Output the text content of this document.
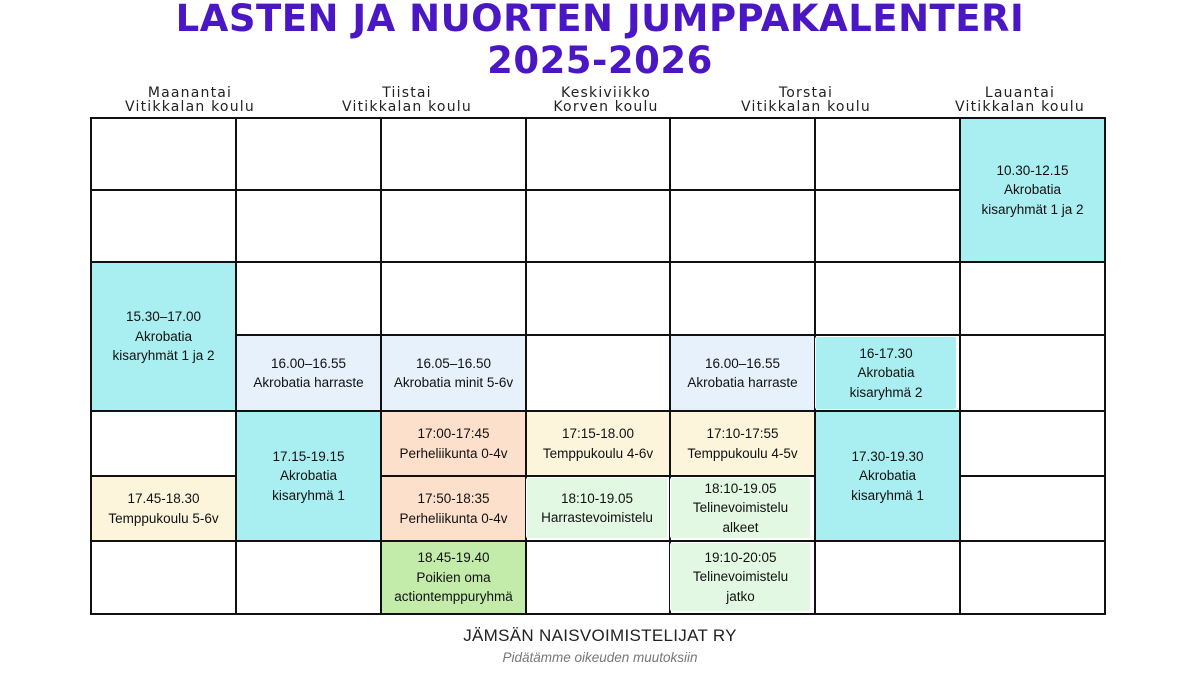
LASTEN JA NUORTEN JUMPPAKALENTERI
2025-2026
Maanantai
Vitikkalan koulu
Tiistai
Vitikkalan koulu
Keskiviikko
Korven koulu
Torstai
Vitikkalan koulu
Lauantai
Vitikkalan koulu
10.30-12.15
Akrobatia
kisaryhmät 1 ja 2
15.30–17.00
Akrobatia
kisaryhmät 1 ja 2	16.00–16.55
Akrobatia harraste
16.05–16.50
Akrobatia minit 5-6v
16.00–16.55
Akrobatia harraste
16-17.30
Akrobatia
kisaryhmä 2
17:00-17:45
Perheliikunta 0-4v
17:15-18.00
Temppukoulu 4-6v
17:10-17:55
Temppukoulu 4-5v
17.15-19.15
Akrobatia
kisaryhmä 1
17.30-19.30
Akrobatia
kisaryhmä 1
17.45-18.30
Temppukoulu 5-6v
17:50-18:35
Perheliikunta 0-4v
18:10-19.05
Harrastevoimistelu
18:10-19.05
Telinevoimistelu
alkeet
18.45-19.40
Poikien oma
actiontemppuryhmä
19:10-20:05
Telinevoimistelu
jatko
JÄMSÄN NAISVOIMISTELIJAT RY
Pidätämme oikeuden muutoksiin
